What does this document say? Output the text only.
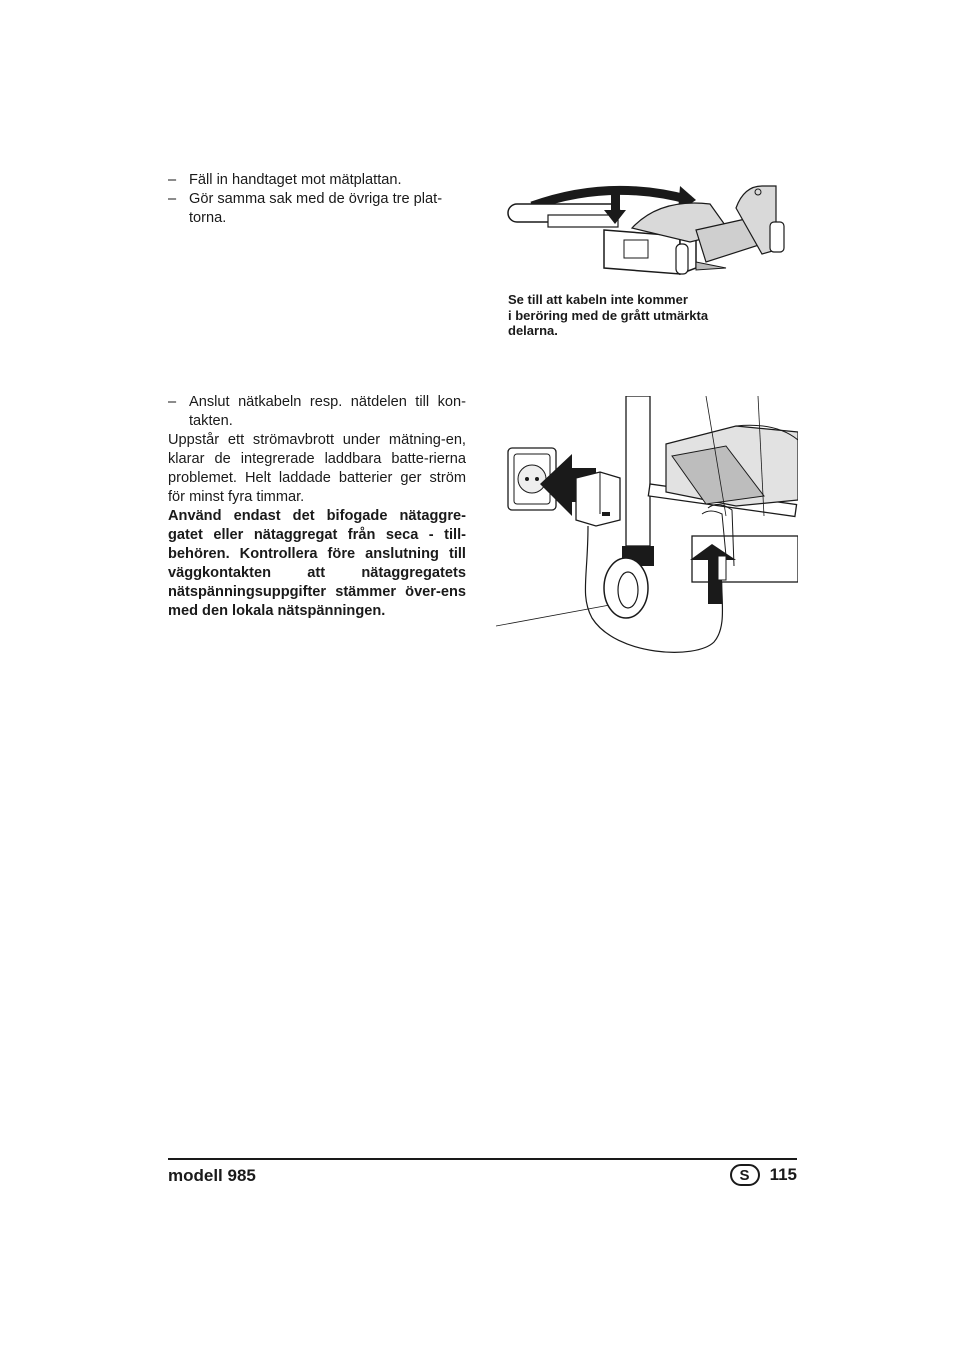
– Fäll in handtaget mot mätplattan.

– Gör samma sak med de övriga tre plat-torna.

Se till att kabeln inte kommer
i beröring med de grått utmärkta
delarna.

– Anslut nätkabeln resp. nätdelen till kon-takten.

Uppstår ett strömavbrott under mätning-en, klarar de integrerade laddbara batte-rierna problemet. Helt laddade batterier ger ström för minst fyra timmar.

Använd endast det bifogade nätaggre-gatet eller nätaggregat från seca - till-behören. Kontrollera före anslutning till väggkontakten att nätaggregatets nätspänningsuppgifter stämmer över-ens med den lokala nätspänningen.

modell 985	S	115
